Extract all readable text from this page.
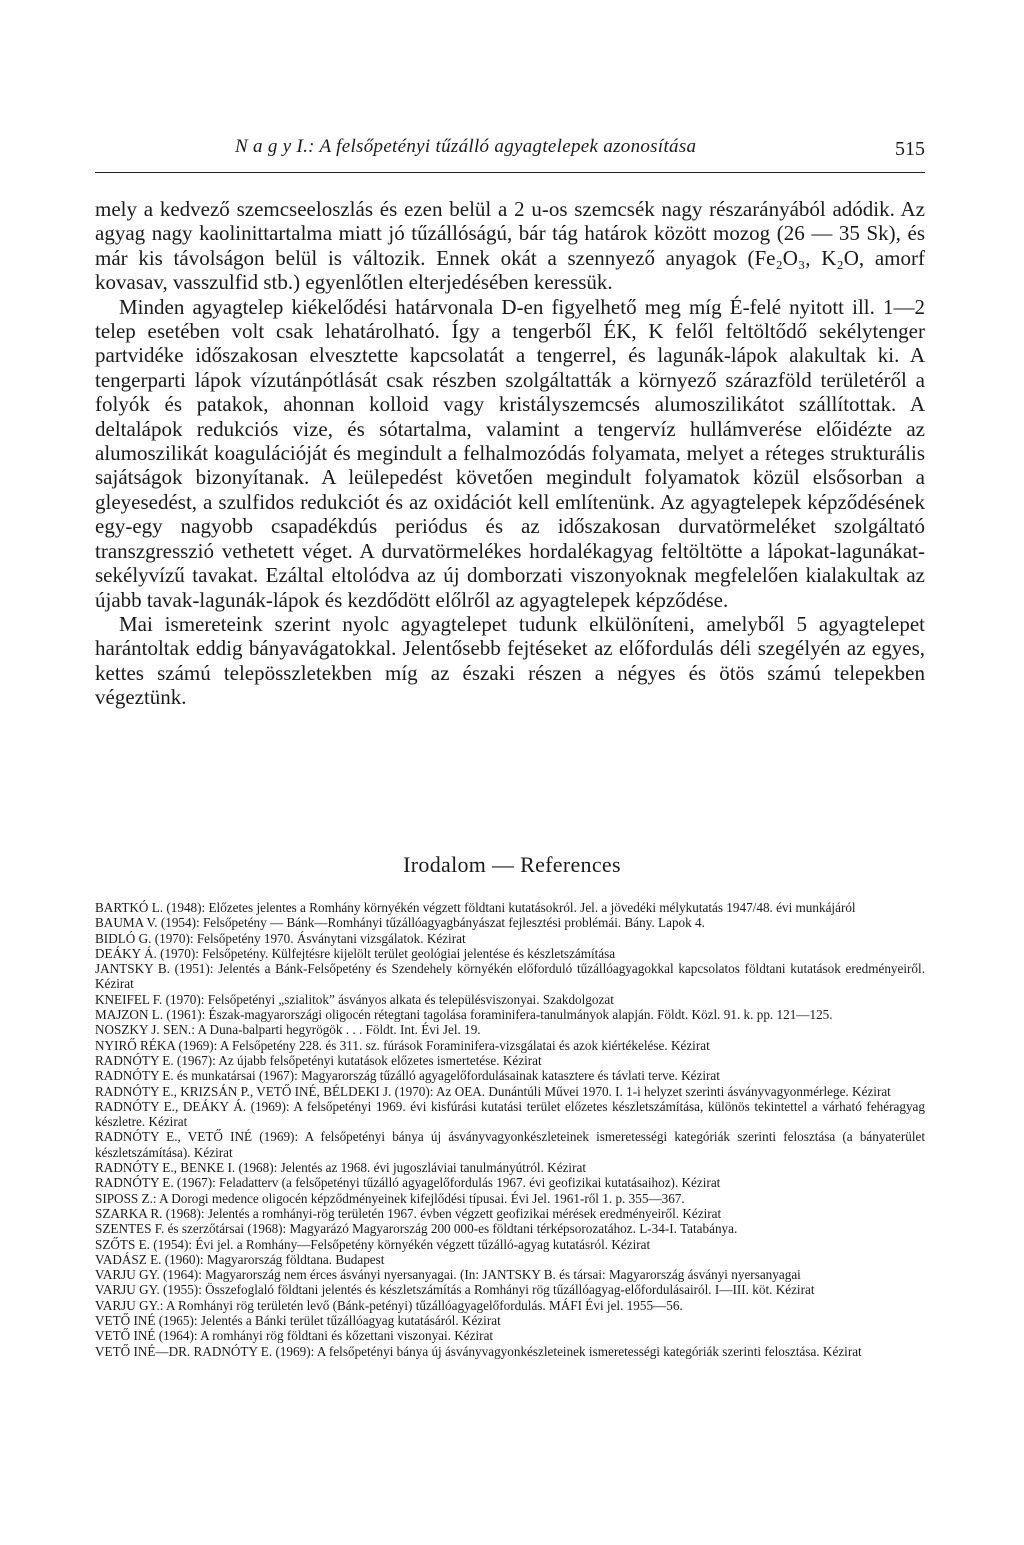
N a g y I.: A felsőpetényi tűzálló agyagtelepek azonosítása	515

mely a kedvező szemcseeloszlás és ezen belül a 2 u-os szemcsék nagy részarányából adódik. Az agyag nagy kaolinittartalma miatt jó tűzállóságú, bár tág határok között mozog (26 — 35 Sk), és már kis távolságon belül is változik. Ennek okát a szennyező anyagok (Fe₂O₃, K₂O, amorf kovasav, vasszulfid stb.) egyenlőtlen elterjedésében keressük.

Minden agyagtelep kiékelődési határvonala D-en figyelhető meg míg É-felé nyitott ill. 1—2 telep esetében volt csak lehatárolható. Így a tengerből ÉK, K felől feltöltődő sekélytenger partvidéke időszakosan elvesztette kapcsolatát a tengerrel, és lagunák-lápok alakultak ki. A tengerparti lápok vízutánpótlását csak részben szolgáltatták a környező szárazföld területéről a folyók és patakok, ahonnan kolloid vagy kristályszemcsés alumoszilikátot szállítottak. A deltalápok redukciós vize, és sótartalma, valamint a tengervíz hullámverése előidézte az alumoszilikát koagulációját és megindult a felhalmozódás folyamata, melyet a réteges strukturális sajátságok bizonyítanak. A leülepedést követően megindult folyamatok közül elsősorban a gleyesedést, a szulfidos redukciót és az oxidációt kell említenünk. Az agyagtelepek képződésének egy-egy nagyobb csapadékdús periódus és az időszakosan durvatörmeléket szolgáltató transzgresszió vethetett véget. A durvatörmelékes hordalékagyag feltöltötte a lápokat-lagunákat-sekélyvízű tavakat. Ezáltal eltolódva az új domborzati viszonyoknak megfelelően kialakultak az újabb tavak-lagunák-lápok és kezdődött előlről az agyagtelepek képződése.

Mai ismereteink szerint nyolc agyagtelepet tudunk elkülöníteni, amelyből 5 agyagtelepet harántoltak eddig bányavágatokkal. Jelentősebb fejtéseket az előfordulás déli szegélyén az egyes, kettes számú telepösszletekben míg az északi részen a négyes és ötös számú telepekben végeztünk.

Irodalom — References
BARTKÓ L. (1948): Előzetes jelentes a Romhány környékén végzett földtani kutatásokról. Jel. a jövedéki mélykutatás 1947/48. évi munkájáról
BAUMA V. (1954): Felsőpetény — Bánk—Romhányi tűzállóagyagbányászat fejlesztési problémái. Bány. Lapok 4.
BIDLÓ G. (1970): Felsőpetény 1970. Ásványtani vizsgálatok. Kézirat
DEÁKY Á. (1970): Felsőpetény. Külfejtésre kijelölt terület geológiai jelentése és készletszámítása
JANTSKY B. (1951): Jelentés a Bánk-Felsőpetény és Szendehely környékén előforduló tűzállóagyagokkal kapcsolatos földtani kutatások eredményeiről. Kézirat
KNEIFEL F. (1970): Felsőpetényi „szialitok” ásványos alkata és településviszonyai. Szakdolgozat
MAJZON L. (1961): Észak-magyarországi oligocén rétegtani tagolása foraminifera-tanulmányok alapján. Földt. Közl. 91. k. pp. 121—125.
NOSZKY J. SEN.: A Duna-balparti hegyrögök . . . Földt. Int. Évi Jel. 19.
NYIRŐ RÉKA (1969): A Felsőpetény 228. és 311. sz. fúrások Foraminifera-vizsgálatai és azok kiértékelése. Kézirat
RADNÓTY E. (1967): Az újabb felsőpetényi kutatások előzetes ismertetése. Kézirat
RADNÓTY E. és munkatársai (1967): Magyarország tűzálló agyagelőfordulásainak katasztere és távlati terve. Kézirat
RADNÓTY E., KRIZSÁN P., VETŐ INÉ, BÉLDEKI J. (1970): Az OEA. Dunántúli Művei 1970. I. 1-i helyzet szerinti ásványvagyonmérlege. Kézirat
RADNÓTY E., DEÁKY Á. (1969): A felsőpetényi 1969. évi kisfúrási kutatási terület előzetes készletszámítása, különös tekintettel a várható fehéragyag készletre. Kézirat
RADNÓTY E., VETŐ INÉ (1969): A felsőpetényi bánya új ásványvagyonkészleteinek ismeretességi kategóriák szerinti felosztása (a bányaterület készletszámítása). Kézirat
RADNÓTY E., BENKE I. (1968): Jelentés az 1968. évi jugoszláviai tanulmányútról. Kézirat
RADNÓTY E. (1967): Feladatterv (a felsőpetényi tűzálló agyagelőfordulás 1967. évi geofizikai kutatásaihoz). Kézirat
SIPOSS Z.: A Dorogi medence oligocén képződményeinek kifejlődési típusai. Évi Jel. 1961-ről 1. p. 355—367.
SZARKA R. (1968): Jelentés a romhányi-rög területén 1967. évben végzett geofizikai mérések eredményeiről. Kézirat
SZENTES F. és szerzőtársai (1968): Magyarázó Magyarország 200 000-es földtani térképsorozatához. L-34-I. Tatabánya.
SZŐTS E. (1954): Évi jel. a Romhány—Felsőpetény környékén végzett tűzálló-agyag kutatásról. Kézirat
VADÁSZ E. (1960): Magyarország földtana. Budapest
VARJU GY. (1964): Magyarország nem érces ásványi nyersanyagai. (In: JANTSKY B. és társai: Magyarország ásványi nyersanyagai
VARJU GY. (1955): Összefoglaló földtani jelentés és készletszámítás a Romhányi rög tűzállóagyag-előfordulásairól. I—III. köt. Kézirat
VARJU GY.: A Romhányi rög területén levő (Bánk-petényi) tűzállóagyagelőfordulás. MÁFI Évi jel. 1955—56.
VETŐ INÉ (1965): Jelentés a Bánki terület tűzállóagyag kutatásáról. Kézirat
VETŐ INÉ (1964): A romhányi rög földtani és kőzettani viszonyai. Kézirat
VETŐ INÉ—DR. RADNÓTY E. (1969): A felsőpetényi bánya új ásványvagyonkészleteinek ismeretességi kategóriák szerinti felosztása. Kézirat
